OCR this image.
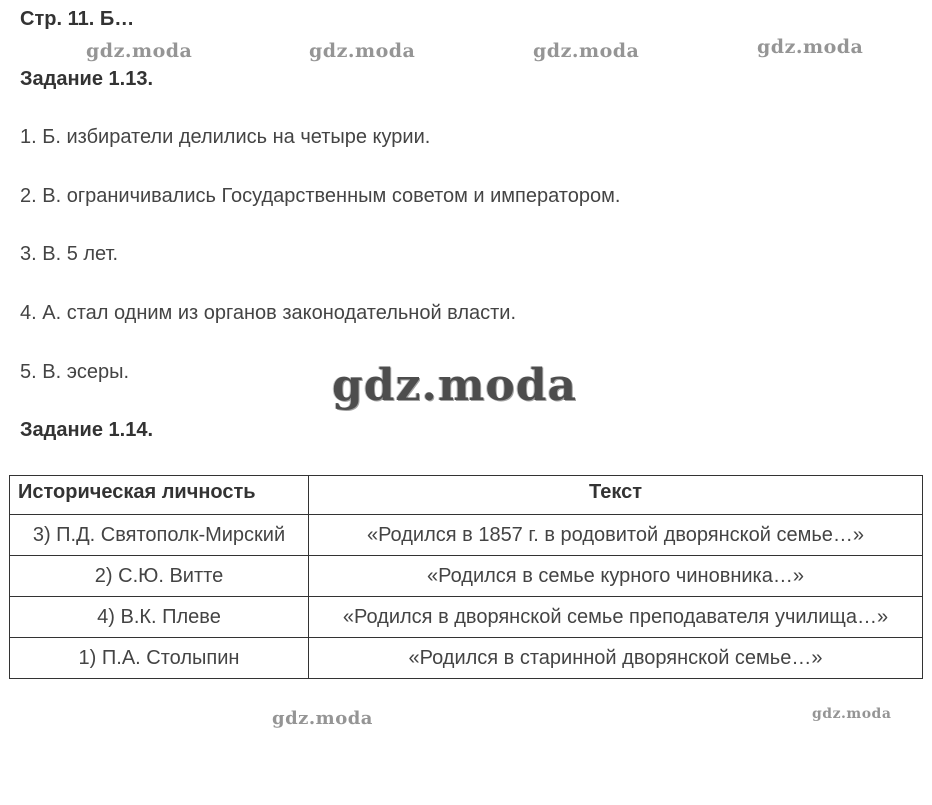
Стр. 11. Б…
gdz.moda	gdz.moda	gdz.moda	gdz.moda
Задание 1.13.
1. Б. избиратели делились на четыре курии.
2. В. ограничивались Государственным советом и императором.
3. В. 5 лет.
4. А. стал одним из органов законодательной власти.
5. В. эсеры.	gdz.moda
Задание 1.14.
Историческая личность	Текст
3) П.Д. Святополк-Мирский	«Родился в 1857 г. в родовитой дворянской семье…»
2) С.Ю. Витте	«Родился в семье курного чиновника…»
4) В.К. Плеве	«Родился в дворянской семье преподавателя училища…»
1) П.А. Столыпин	«Родился в старинной дворянской семье…»
gdz.moda	gdz.moda
